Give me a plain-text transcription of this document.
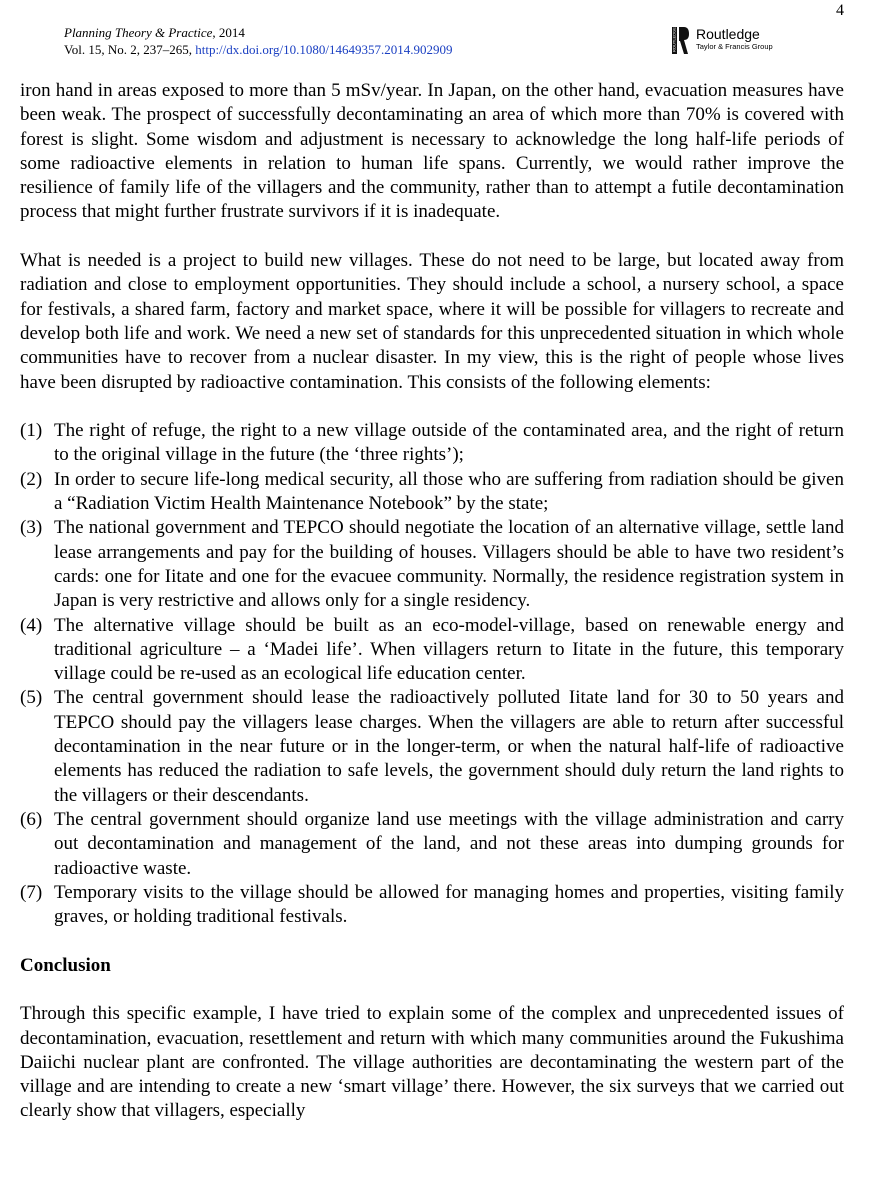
4
Planning Theory & Practice, 2014
Vol. 15, No. 2, 237–265, http://dx.doi.org/10.1080/14649357.2014.902909	ROUTLEDGE Routledge
Taylor & Francis Group

iron hand in areas exposed to more than 5 mSv/year. In Japan, on the other hand, evacuation measures have been weak. The prospect of successfully decontaminating an area of which more than 70% is covered with forest is slight. Some wisdom and adjustment is necessary to acknowledge the long half-life periods of some radioactive elements in relation to human life spans. Currently, we would rather improve the resilience of family life of the villagers and the community, rather than to attempt a futile decontamination process that might further frustrate survivors if it is inadequate.

What is needed is a project to build new villages. These do not need to be large, but located away from radiation and close to employment opportunities. They should include a school, a nursery school, a space for festivals, a shared farm, factory and market space, where it will be possible for villagers to recreate and develop both life and work. We need a new set of standards for this unprecedented situation in which whole communities have to recover from a nuclear disaster. In my view, this is the right of people whose lives have been disrupted by radioactive contamination. This consists of the following elements:

(1) The right of refuge, the right to a new village outside of the contaminated area, and the right of return to the original village in the future (the ‘three rights’);
(2) In order to secure life-long medical security, all those who are suffering from radiation should be given a “Radiation Victim Health Maintenance Notebook” by the state;
(3) The national government and TEPCO should negotiate the location of an alternative village, settle land lease arrangements and pay for the building of houses. Villagers should be able to have two resident’s cards: one for Iitate and one for the evacuee community. Normally, the residence registration system in Japan is very restrictive and allows only for a single residency.
(4) The alternative village should be built as an eco-model-village, based on renewable energy and traditional agriculture – a ‘Madei life’. When villagers return to Iitate in the future, this temporary village could be re-used as an ecological life education center.
(5) The central government should lease the radioactively polluted Iitate land for 30 to 50 years and TEPCO should pay the villagers lease charges. When the villagers are able to return after successful decontamination in the near future or in the longer-term, or when the natural half-life of radioactive elements has reduced the radiation to safe levels, the government should duly return the land rights to the villagers or their descendants.
(6) The central government should organize land use meetings with the village administration and carry out decontamination and management of the land, and not these areas into dumping grounds for radioactive waste.
(7) Temporary visits to the village should be allowed for managing homes and properties, visiting family graves, or holding traditional festivals.
Conclusion

Through this specific example, I have tried to explain some of the complex and unprecedented issues of decontamination, evacuation, resettlement and return with which many communities around the Fukushima Daiichi nuclear plant are confronted. The village authorities are decontaminating the western part of the village and are intending to create a new ‘smart village’ there. However, the six surveys that we carried out clearly show that villagers, especially
